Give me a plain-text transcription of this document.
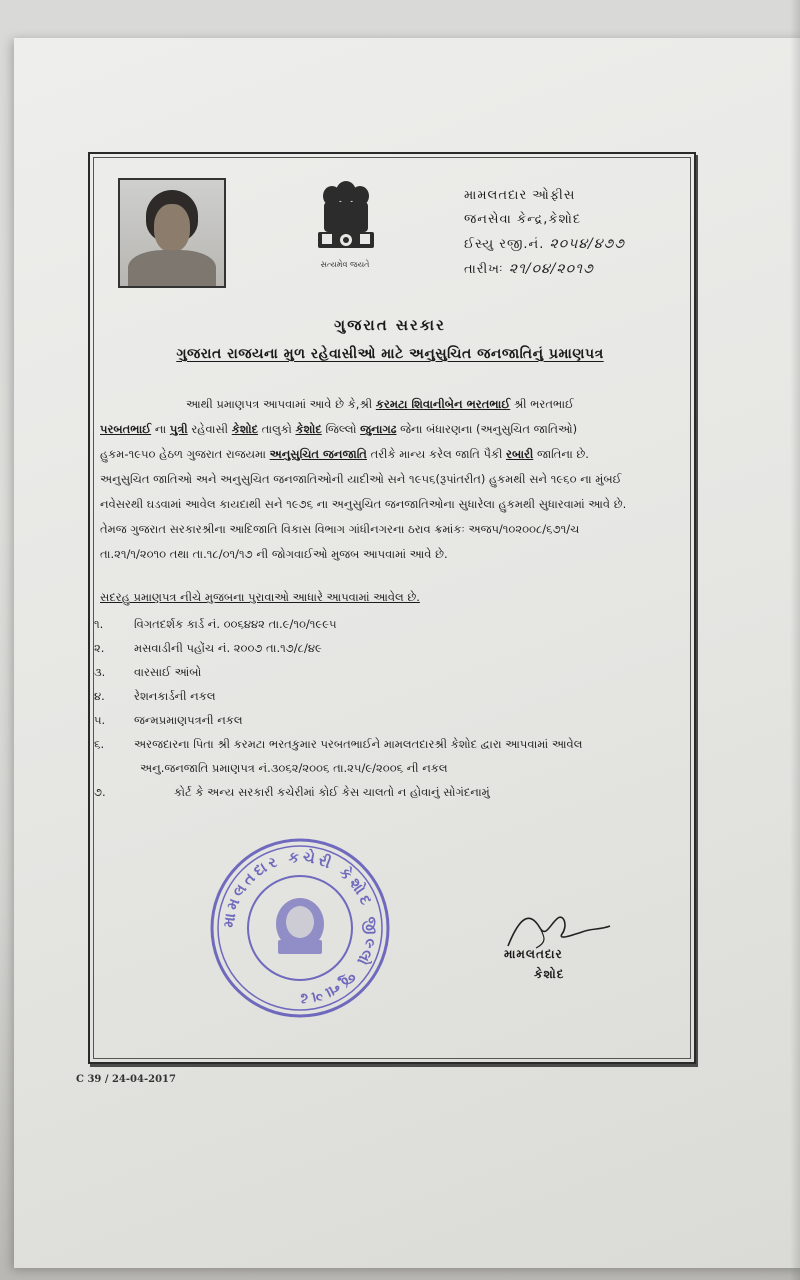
સત્યમેવ જયતે
મામલતદાર ઓફીસ
જનસેવા કેન્દ્ર,કેશોદ
ઈસ્યુ રજી.નં. ૨૦૫૪/૪૭૭
તારીખઃ ૨૧/૦૪/૨૦૧૭
ગુજરાત સરકાર
ગુજરાત રાજયના મુળ રહેવાસીઓ માટે અનુસુચિત જનજાતિનું પ્રમાણપત્ર
આથી પ્રમાણપત્ર આપવામાં આવે છે કે,શ્રી કરમટા શિવાનીબેન ભરતભાઈ શ્રી ભરતભાઈ
પરબતભાઈ ના પુત્રી રહેવાસી કેશોદ તાલુકો કેશોદ જિલ્લો જુનાગઢ જેના બંધારણના (અનુસુચિત જાતિઓ)
હુકમ-૧૯૫૦ હેઠળ ગુજરાત રાજયમા અનુસુચિત જનજાતિ તરીકે માન્ય કરેલ જાતિ પૈકી રબારી જાતિના છે.
અનુસુચિત જાતિઓ અને અનુસુચિત જનજાતિઓની યાદીઓ સને ૧૯૫૬(રૂપાંતરીત) હુકમથી સને ૧૯૬૦ ના મુંબઈ
નવેસરથી ઘડવામાં આવેલ કાયદાથી સને ૧૯૭૬ ના અનુસુચિત જનજાતિઓના સુધારેલા હુકમથી સુધારવામાં આવે છે.
તેમજ ગુજરાત સરકારશ્રીના આદિજાતિ વિકાસ વિભાગ ગાંધીનગરના ઠરાવ ક્રમાંકઃ અજપ/૧૦૨૦૦૮/૬૭૧/ચ
તા.૨૧/૧/૨૦૧૦ તથા તા.૧૮/૦૧/૧૭ ની જોગવાઈઓ મુજબ આપવામાં આવે છે.
સદરહુ પ્રમાણપત્ર નીચે મુજબના પુરાવાઓ આધારે આપવામાં આવેલ છે.
૧.	વિગતદર્શક કાર્ડ નં. ૦૦૬૪૪૨ તા.૯/૧૦/૧૯૯૫
૨.	મસવાડીની પહોંચ નં. ૨૦૦૭ તા.૧૭/૮/૪૯
૩.	વારસાઈ આંબો
૪.	રેશનકાર્ડની નકલ
૫.	જન્મપ્રમાણપત્રની નકલ
૬.	અરજદારના પિતા શ્રી કરમટા ભરતકુમાર પરબતભાઈને મામલતદારશ્રી કેશોદ દ્વારા આપવામાં આવેલ
અનુ.જનજાતિ પ્રમાણપત્ર નં.૩૦૬૨/૨૦૦૬ તા.૨૫/૯/૨૦૦૬ ની નકલ
૭.	કોર્ટ કે અન્ય સરકારી કચેરીમાં કોઈ કેસ ચાલતો ન હોવાનું સોગંદનામું
મામલતદાર કચેરી કેશોદ જીલ્લો જુનાગઢ
મામલતદાર
કેશોદ
C 39 / 24-04-2017
